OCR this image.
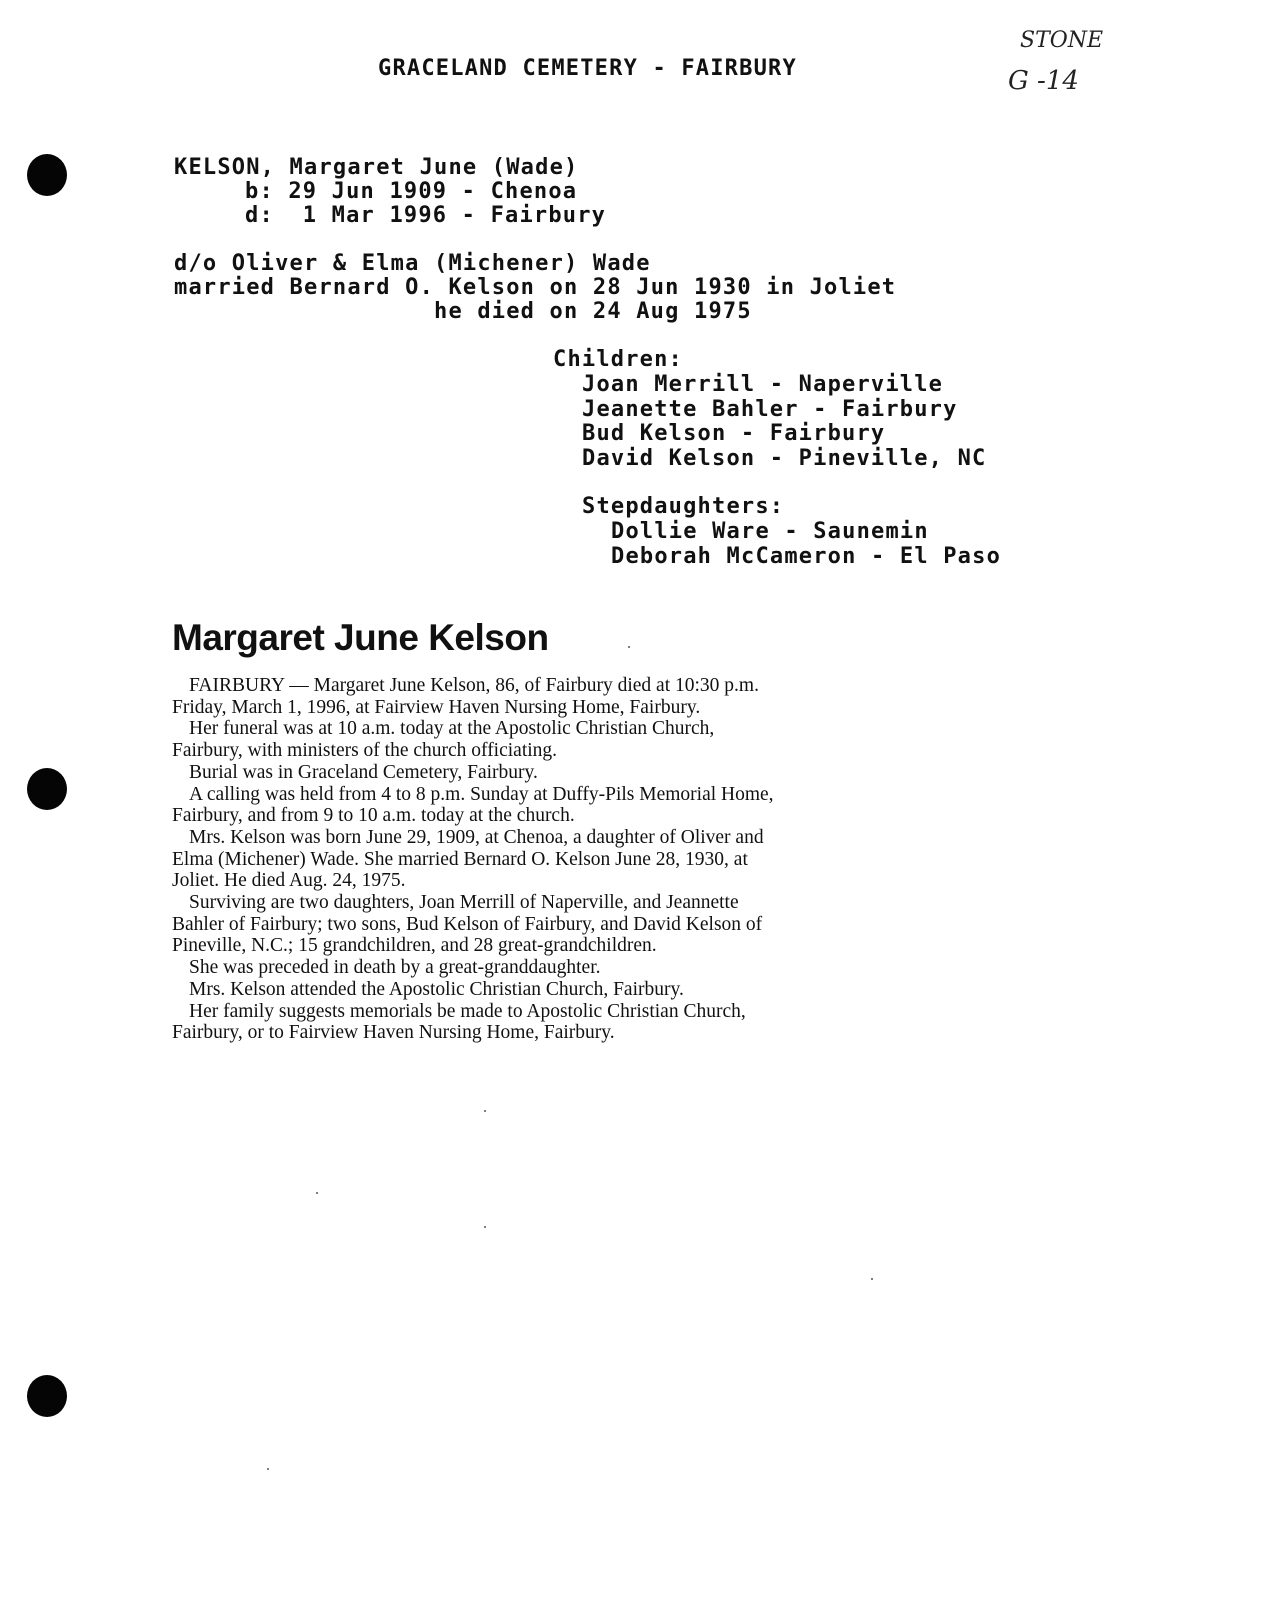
GRACELAND CEMETERY - FAIRBURY
STONE
G -14
KELSON, Margaret June (Wade)
b: 29 Jun 1909 - Chenoa
d:  1 Mar 1996 - Fairbury
d/o Oliver & Elma (Michener) Wade
married Bernard O. Kelson on 28 Jun 1930 in Joliet
he died on 24 Aug 1975
Children:
Joan Merrill - Naperville
Jeanette Bahler - Fairbury
Bud Kelson - Fairbury
David Kelson - Pineville, NC
Stepdaughters:
Dollie Ware - Saunemin
Deborah McCameron - El Paso
Margaret June Kelson

FAIRBURY — Margaret June Kelson, 86, of Fairbury died at 10:30 p.m. Friday, March 1, 1996, at Fairview Haven Nursing Home, Fairbury.

Her funeral was at 10 a.m. today at the Apostolic Christian Church, Fairbury, with ministers of the church officiating.

Burial was in Graceland Cemetery, Fairbury.

A calling was held from 4 to 8 p.m. Sunday at Duffy-Pils Memorial Home, Fairbury, and from 9 to 10 a.m. today at the church.

Mrs. Kelson was born June 29, 1909, at Chenoa, a daughter of Oliver and Elma (Michener) Wade. She married Bernard O. Kelson June 28, 1930, at Joliet. He died Aug. 24, 1975.

Surviving are two daughters, Joan Merrill of Naperville, and Jeannette Bahler of Fairbury; two sons, Bud Kelson of Fairbury, and David Kelson of Pineville, N.C.; 15 grandchildren, and 28 great-grandchildren.

She was preceded in death by a great-granddaughter.

Mrs. Kelson attended the Apostolic Christian Church, Fairbury.

Her family suggests memorials be made to Apostolic Christian Church, Fairbury, or to Fairview Haven Nursing Home, Fairbury.
